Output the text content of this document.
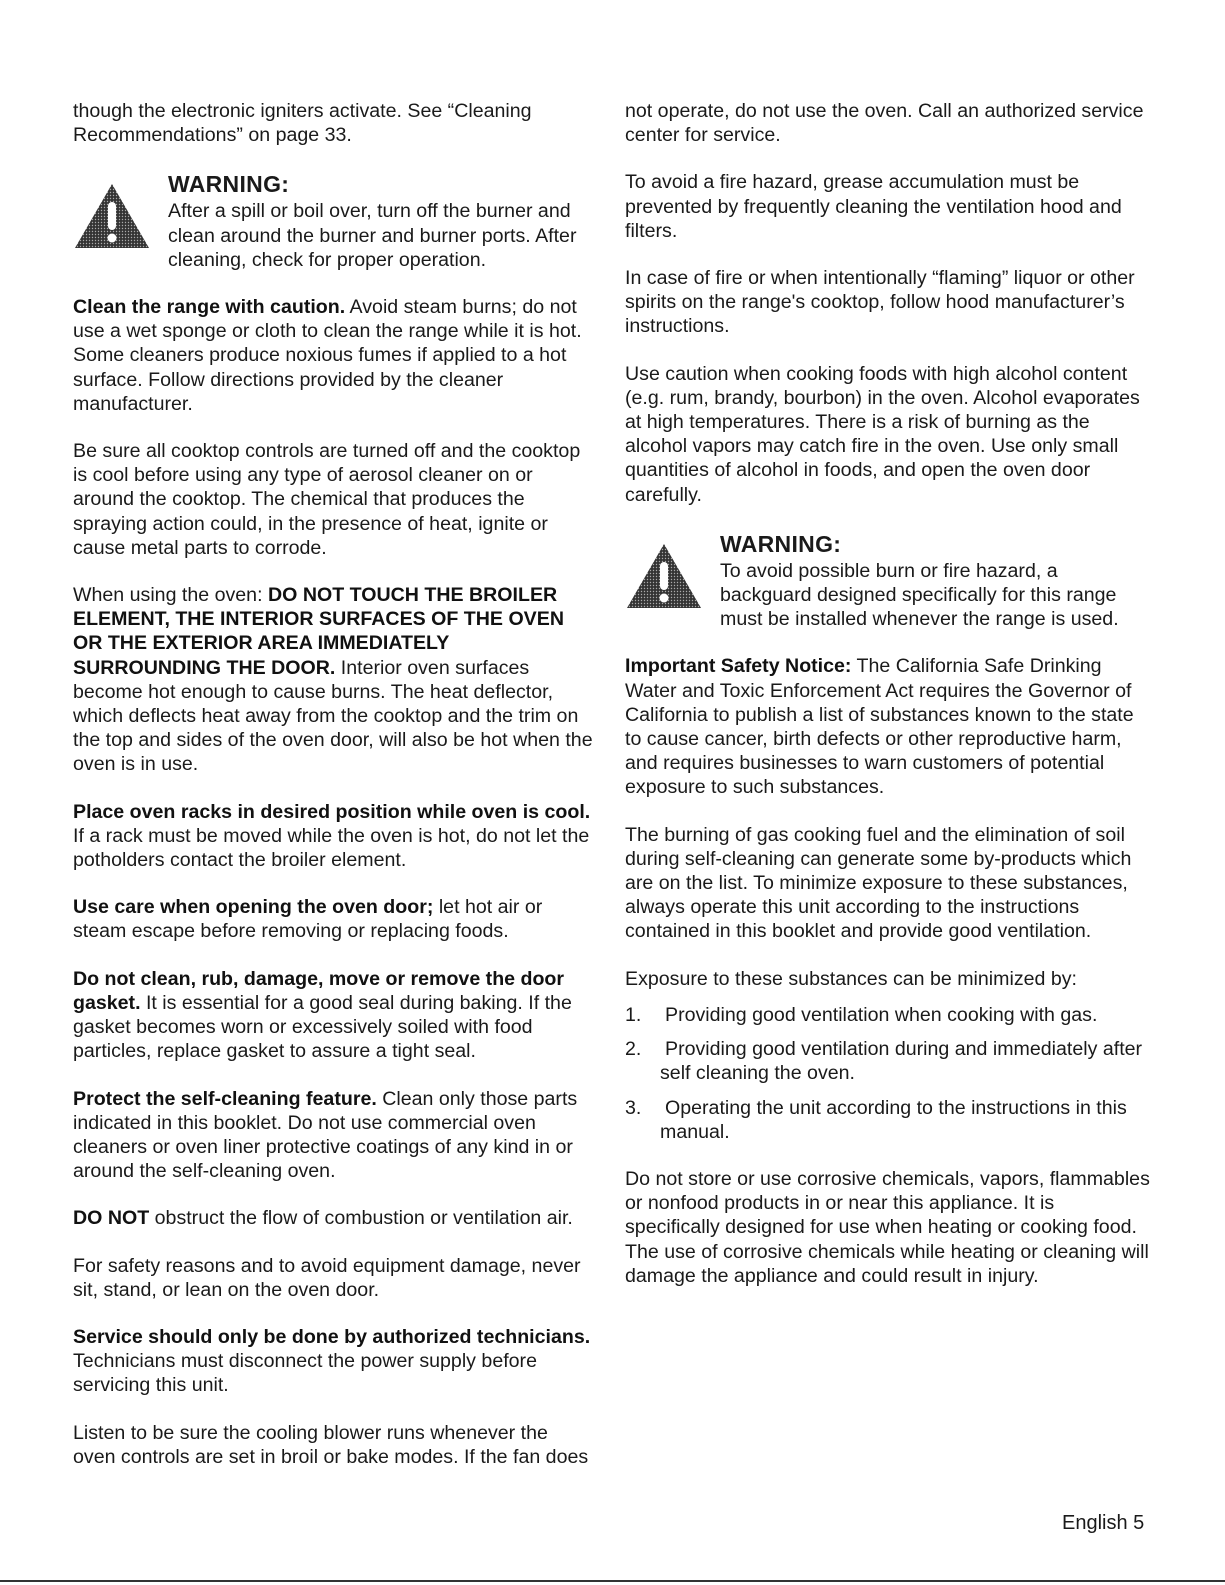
though the electronic igniters activate. See “Cleaning Recommendations” on page 33.

WARNING:
After a spill or boil over, turn off the burner and clean around the burner and burner ports. After cleaning, check for proper operation.

Clean the range with caution. Avoid steam burns; do not use a wet sponge or cloth to clean the range while it is hot. Some cleaners produce noxious fumes if applied to a hot surface. Follow directions provided by the cleaner manufacturer.

Be sure all cooktop controls are turned off and the cooktop is cool before using any type of aerosol cleaner on or around the cooktop. The chemical that produces the spraying action could, in the presence of heat, ignite or cause metal parts to corrode.

When using the oven: DO NOT TOUCH THE BROILER ELEMENT, THE INTERIOR SURFACES OF THE OVEN OR THE EXTERIOR AREA IMMEDIATELY SURROUNDING THE DOOR. Interior oven surfaces become hot enough to cause burns. The heat deflector, which deflects heat away from the cooktop and the trim on the top and sides of the oven door, will also be hot when the oven is in use.

Place oven racks in desired position while oven is cool. If a rack must be moved while the oven is hot, do not let the potholders contact the broiler element.

Use care when opening the oven door; let hot air or steam escape before removing or replacing foods.

Do not clean, rub, damage, move or remove the door gasket. It is essential for a good seal during baking. If the gasket becomes worn or excessively soiled with food particles, replace gasket to assure a tight seal.

Protect the self-cleaning feature. Clean only those parts indicated in this booklet. Do not use commercial oven cleaners or oven liner protective coatings of any kind in or around the self-cleaning oven.

DO NOT obstruct the flow of combustion or ventilation air.

For safety reasons and to avoid equipment damage, never sit, stand, or lean on the oven door.

Service should only be done by authorized technicians. Technicians must disconnect the power supply before servicing this unit.

Listen to be sure the cooling blower runs whenever the oven controls are set in broil or bake modes. If the fan does

not operate, do not use the oven. Call an authorized service center for service.

To avoid a fire hazard, grease accumulation must be prevented by frequently cleaning the ventilation hood and filters.

In case of fire or when intentionally “flaming” liquor or other spirits on the range's cooktop, follow hood manufacturer’s instructions.

Use caution when cooking foods with high alcohol content (e.g. rum, brandy, bourbon) in the oven. Alcohol evaporates at high temperatures. There is a risk of burning as the alcohol vapors may catch fire in the oven. Use only small quantities of alcohol in foods, and open the oven door carefully.

WARNING:
To avoid possible burn or fire hazard, a backguard designed specifically for this range must be installed whenever the range is used.

Important Safety Notice: The California Safe Drinking Water and Toxic Enforcement Act requires the Governor of California to publish a list of substances known to the state to cause cancer, birth defects or other reproductive harm, and requires businesses to warn customers of potential exposure to such substances.

The burning of gas cooking fuel and the elimination of soil during self-cleaning can generate some by-products which are on the list. To minimize exposure to these substances, always operate this unit according to the instructions contained in this booklet and provide good ventilation.

Exposure to these substances can be minimized by:

1. Providing good ventilation when cooking with gas.
2. Providing good ventilation during and immediately after self cleaning the oven.
3. Operating the unit according to the instructions in this manual.

Do not store or use corrosive chemicals, vapors, flammables or nonfood products in or near this appliance. It is specifically designed for use when heating or cooking food. The use of corrosive chemicals while heating or cleaning will damage the appliance and could result in injury.

English 5
